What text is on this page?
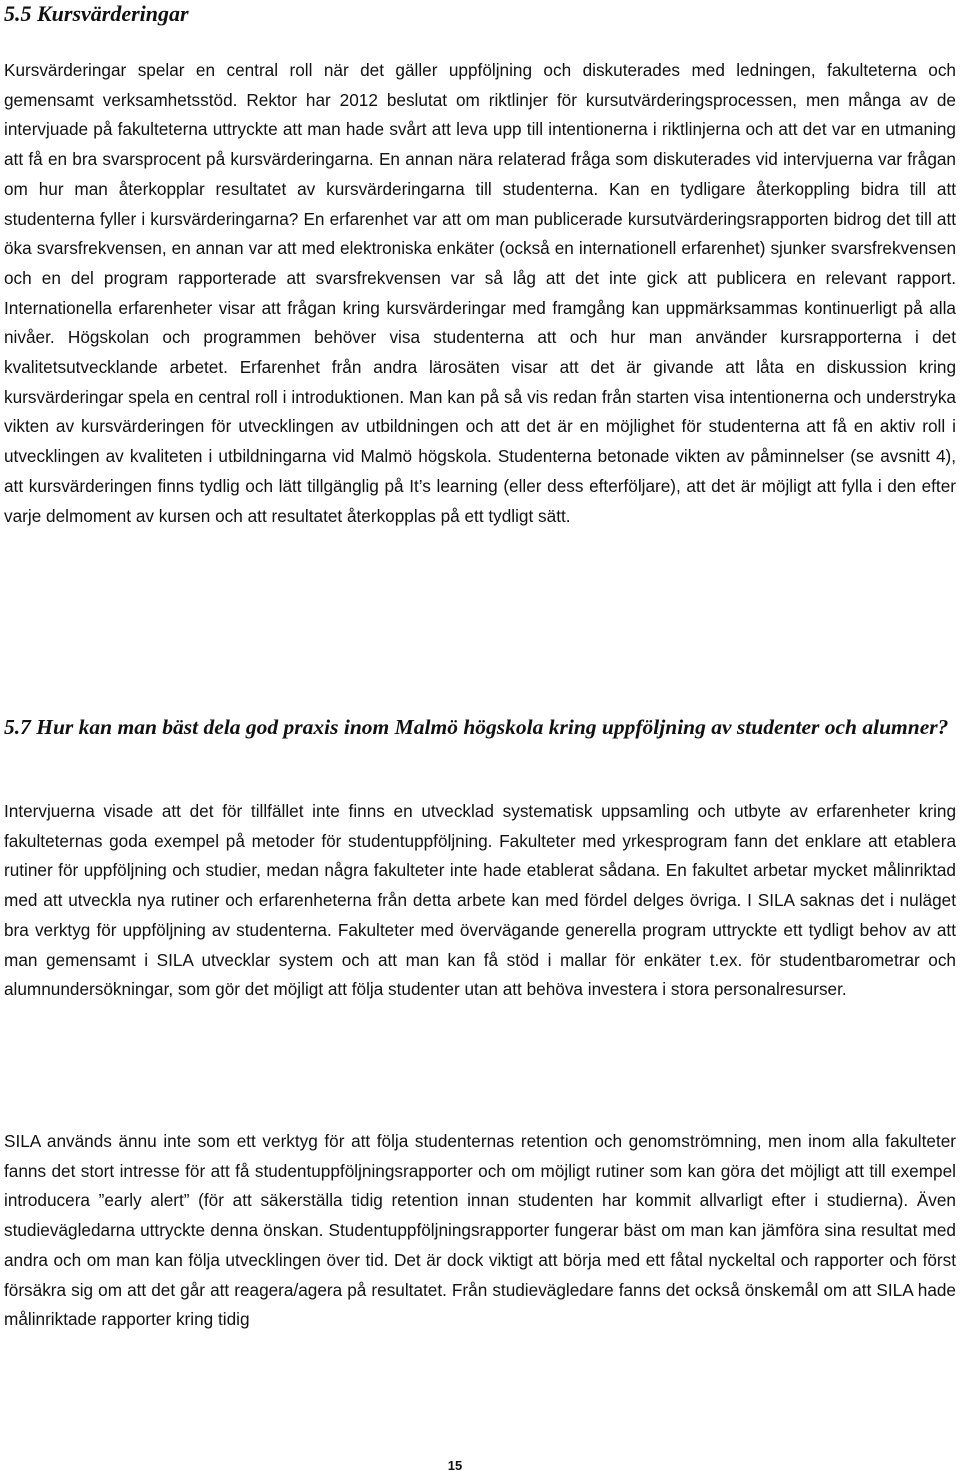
5.5 Kursvärderingar

Kursvärderingar spelar en central roll när det gäller uppföljning och diskuterades med ledningen, fakulteterna och gemensamt verksamhetsstöd. Rektor har 2012 beslutat om riktlinjer för kursutvärderingsprocessen, men många av de intervjuade på fakulteterna uttryckte att man hade svårt att leva upp till intentionerna i riktlinjerna och att det var en utmaning att få en bra svarsprocent på kursvärderingarna. En annan nära relaterad fråga som diskuterades vid intervjuerna var frågan om hur man återkopplar resultatet av kursvärderingarna till studenterna. Kan en tydligare återkoppling bidra till att studenterna fyller i kursvärderingarna? En erfarenhet var att om man publicerade kursutvärderingsrapporten bidrog det till att öka svarsfrekvensen, en annan var att med elektroniska enkäter (också en internationell erfarenhet) sjunker svarsfrekvensen och en del program rapporterade att svarsfrekvensen var så låg att det inte gick att publicera en relevant rapport. Internationella erfarenheter visar att frågan kring kursvärderingar med framgång kan uppmärksammas kontinuerligt på alla nivåer. Högskolan och programmen behöver visa studenterna att och hur man använder kursrapporterna i det kvalitetsutvecklande arbetet. Erfarenhet från andra lärosäten visar att det är givande att låta en diskussion kring kursvärderingar spela en central roll i introduktionen. Man kan på så vis redan från starten visa intentionerna och understryka vikten av kursvärderingen för utvecklingen av utbildningen och att det är en möjlighet för studenterna att få en aktiv roll i utvecklingen av kvaliteten i utbildningarna vid Malmö högskola. Studenterna betonade vikten av påminnelser (se avsnitt 4), att kursvärderingen finns tydlig och lätt tillgänglig på It’s learning (eller dess efterföljare), att det är möjligt att fylla i den efter varje delmoment av kursen och att resultatet återkopplas på ett tydligt sätt.

5.7 Hur kan man bäst dela god praxis inom Malmö högskola kring uppföljning av studenter och alumner?

Intervjuerna visade att det för tillfället inte finns en utvecklad systematisk uppsamling och utbyte av erfarenheter kring fakulteternas goda exempel på metoder för studentuppföljning. Fakulteter med yrkesprogram fann det enklare att etablera rutiner för uppföljning och studier, medan några fakulteter inte hade etablerat sådana. En fakultet arbetar mycket målinriktad med att utveckla nya rutiner och erfarenheterna från detta arbete kan med fördel delges övriga. I SILA saknas det i nuläget bra verktyg för uppföljning av studenterna. Fakulteter med övervägande generella program uttryckte ett tydligt behov av att man gemensamt i SILA utvecklar system och att man kan få stöd i mallar för enkäter t.ex. för studentbarometrar och alumnundersökningar, som gör det möjligt att följa studenter utan att behöva investera i stora personalresurser.

SILA används ännu inte som ett verktyg för att följa studenternas retention och genomströmning, men inom alla fakulteter fanns det stort intresse för att få studentuppföljningsrapporter och om möjligt rutiner som kan göra det möjligt att till exempel introducera ”early alert” (för att säkerställa tidig retention innan studenten har kommit allvarligt efter i studierna). Även studievägledarna uttryckte denna önskan. Studentuppföljningsrapporter fungerar bäst om man kan jämföra sina resultat med andra och om man kan följa utvecklingen över tid. Det är dock viktigt att börja med ett fåtal nyckeltal och rapporter och först försäkra sig om att det går att reagera/agera på resultatet. Från studievägledare fanns det också önskemål om att SILA hade målinriktade rapporter kring tidig

15
